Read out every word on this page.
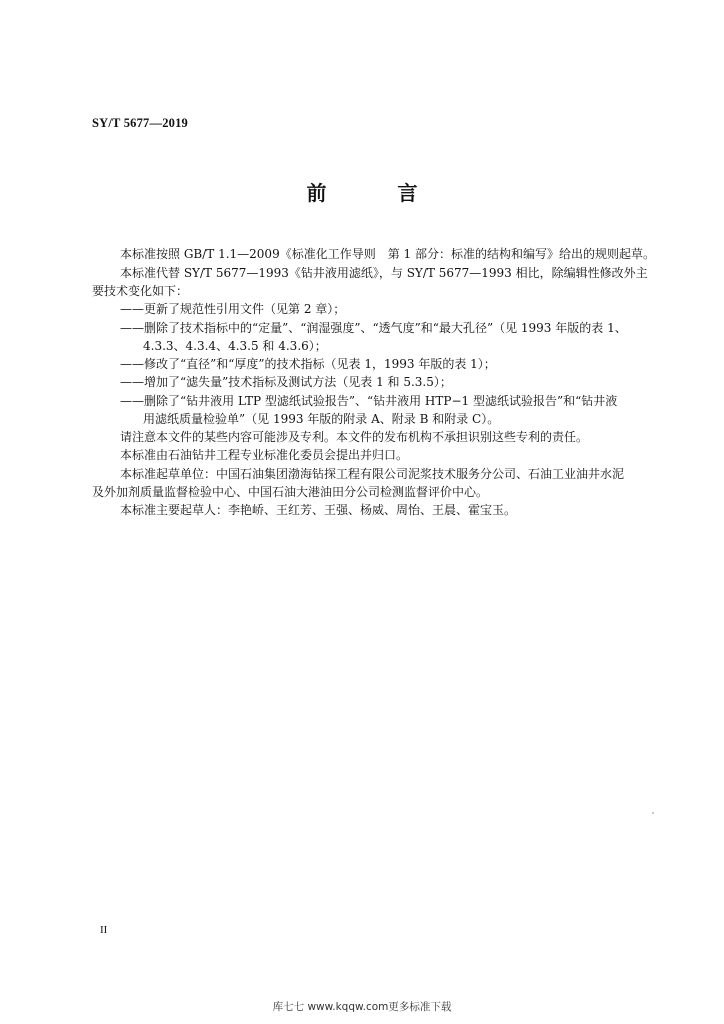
SY/T 5677—2019
前 言
本标准按照 GB/T 1.1—2009《标准化工作导则　第 1 部分：标准的结构和编写》给出的规则起草。
本标准代替 SY/T 5677—1993《钻井液用滤纸》，与 SY/T 5677—1993 相比，除编辑性修改外主
要技术变化如下：
——更新了规范性引用文件（见第 2 章）；
——删除了技术指标中的“定量”、“润湿强度”、“透气度”和“最大孔径”（见 1993 年版的表 1、
4.3.3、4.3.4、4.3.5 和 4.3.6）；
——修改了“直径”和“厚度”的技术指标（见表 1，1993 年版的表 1）；
——增加了“滤失量”技术指标及测试方法（见表 1 和 5.3.5）；
——删除了“钻井液用 LTP 型滤纸试验报告”、“钻井液用 HTP−1 型滤纸试验报告”和“钻井液
用滤纸质量检验单”（见 1993 年版的附录 A、附录 B 和附录 C）。
请注意本文件的某些内容可能涉及专利。本文件的发布机构不承担识别这些专利的责任。
本标准由石油钻井工程专业标准化委员会提出并归口。
本标准起草单位：中国石油集团渤海钻探工程有限公司泥浆技术服务分公司、石油工业油井水泥
及外加剂质量监督检验中心、中国石油大港油田分公司检测监督评价中心。
本标准主要起草人：李艳峤、王红芳、王强、杨威、周怡、王晨、霍宝玉。
II
库七七 www.kqqw.com更多标准下载
